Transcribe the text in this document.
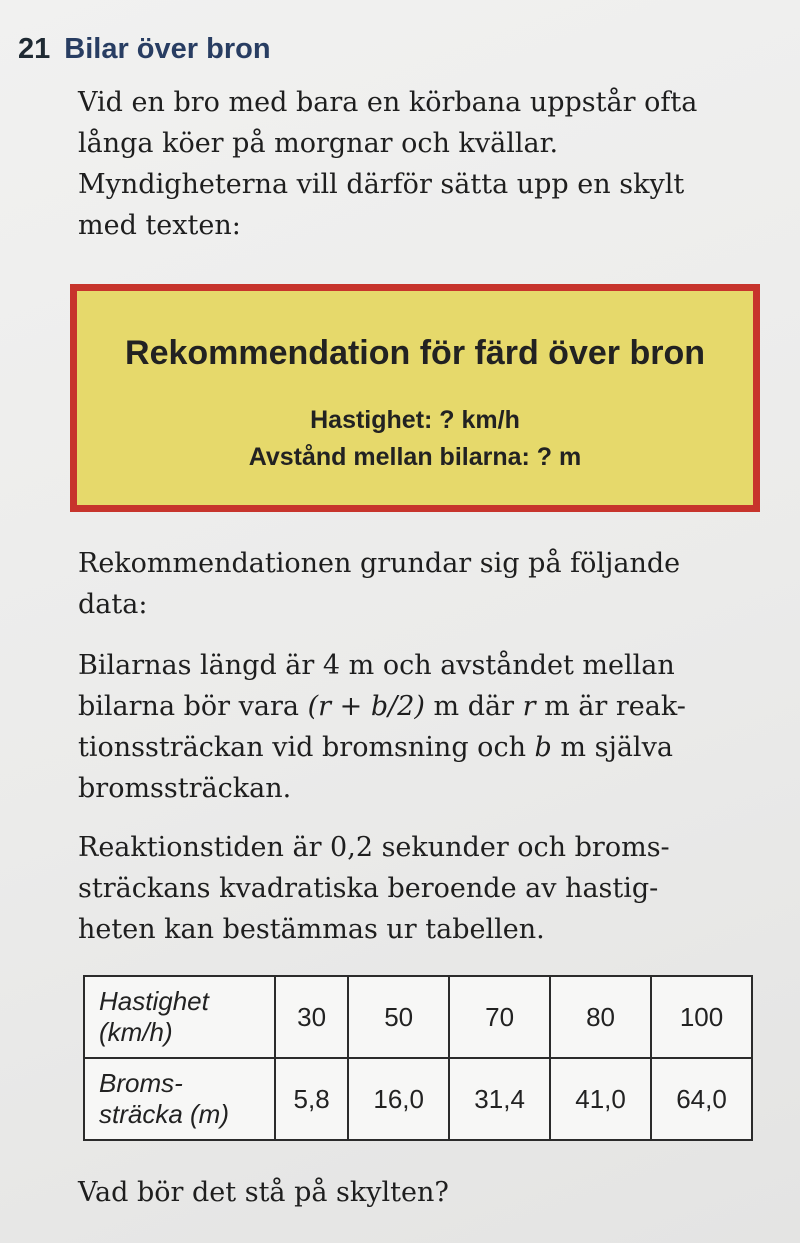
21 Bilar över bron

Vid en bro med bara en körbana uppstår ofta
långa köer på morgnar och kvällar.
Myndigheterna vill därför sätta upp en skylt
med texten:

Rekommendation för färd över bron
Hastighet: ? km/h
Avstånd mellan bilarna: ? m

Rekommendationen grundar sig på följande
data:

Bilarnas längd är 4 m och avståndet mellan
bilarna bör vara (r + b/2) m där r m är reak-
tionssträckan vid bromsning och b m själva
bromssträckan.

Reaktionstiden är 0,2 sekunder och broms-
sträckans kvadratiska beroende av hastig-
heten kan bestämmas ur tabellen.

Hastighet
(km/h)	30	50	70	80	100

Broms-
sträcka (m)	5,8	16,0	31,4	41,0	64,0

Vad bör det stå på skylten?
